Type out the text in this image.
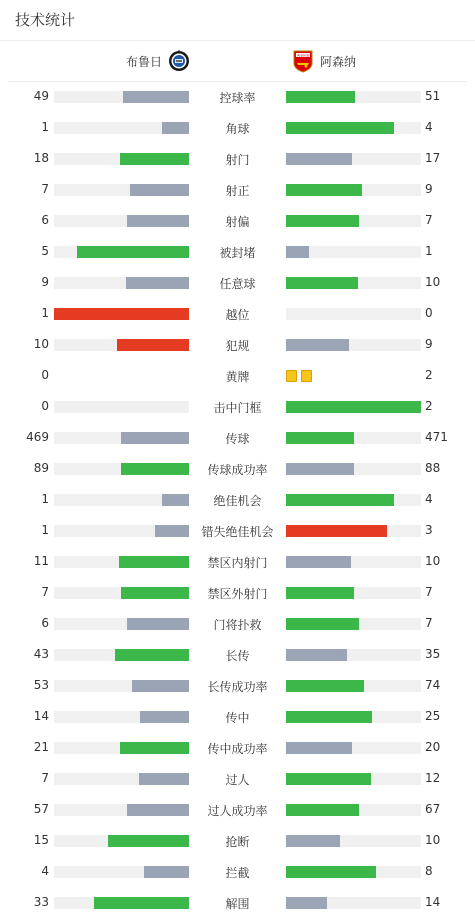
技术统计
布鲁日	Arsenal 阿森纳
49	控球率	51
1	角球	4
18	射门	17
7	射正	9
6	射偏	7
5	被封堵	1
9	任意球	10
1	越位	0
10	犯规	9
0	黄牌	2
0	击中门框	2
469	传球	471
89	传球成功率	88
1	绝佳机会	4
1	错失绝佳机会	3
11	禁区内射门	10
7	禁区外射门	7
6	门将扑救	7
43	长传	35
53	长传成功率	74
14	传中	25
21	传中成功率	20
7	过人	12
57	过人成功率	67
15	抢断	10
4	拦截	8
33	解围	14
